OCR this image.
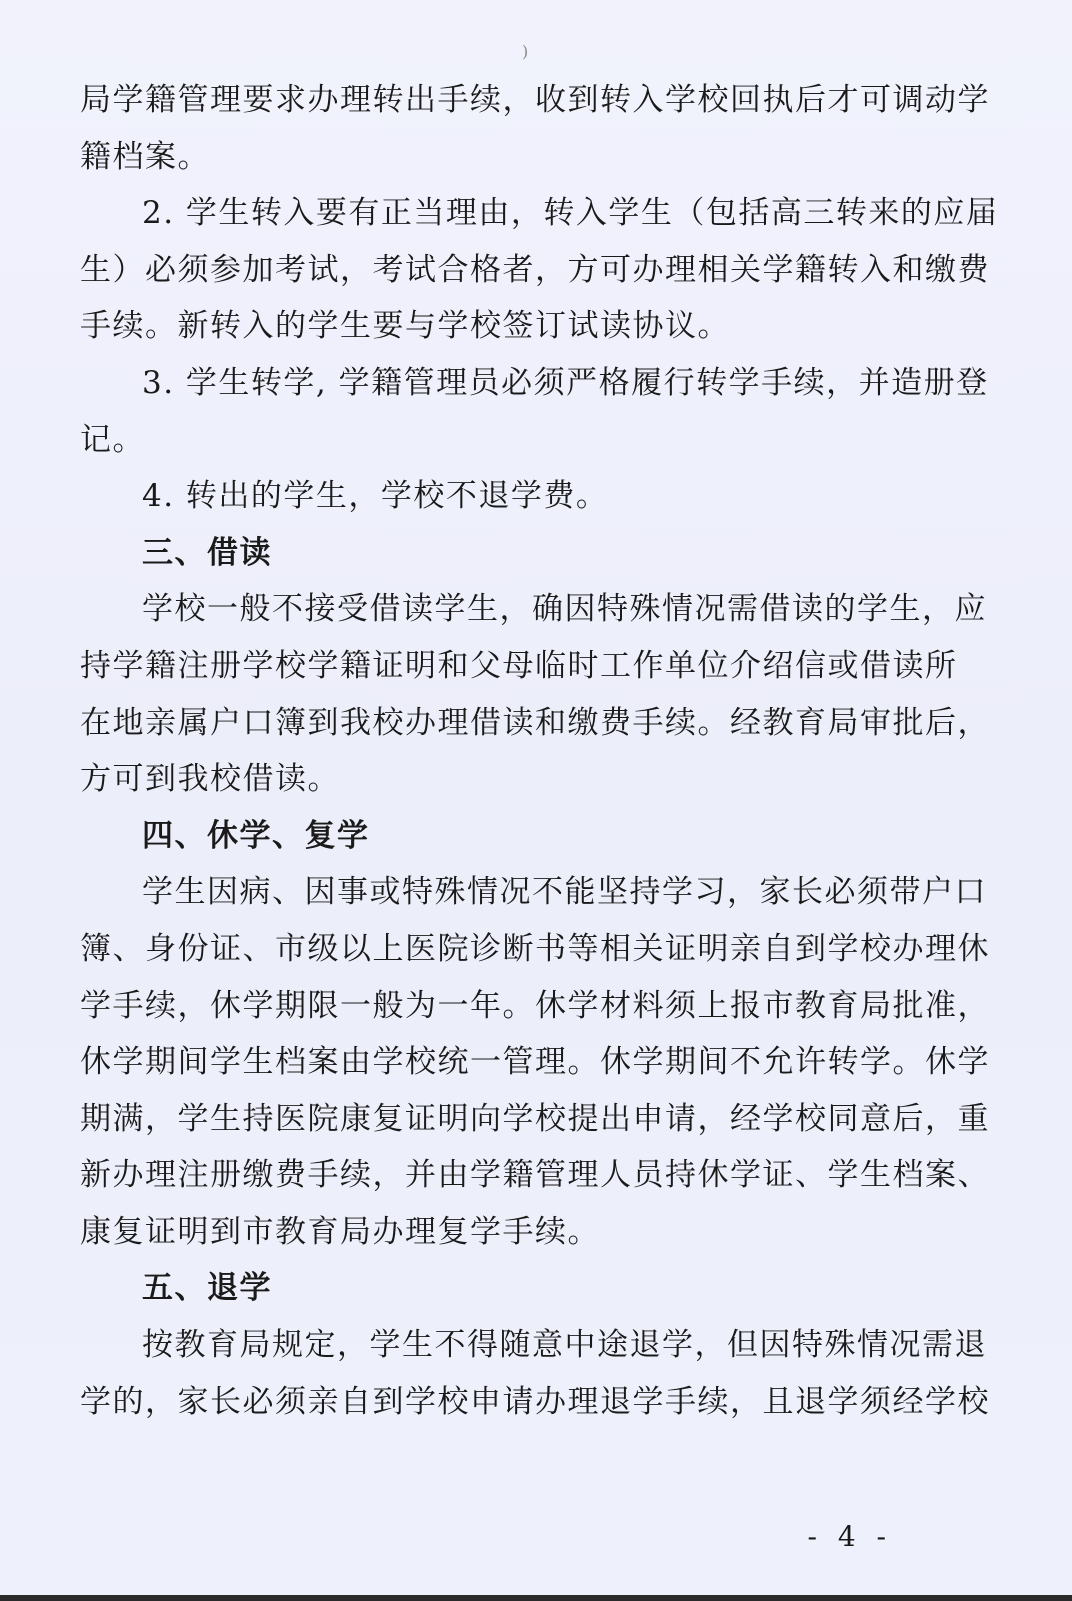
)
局学籍管理要求办理转出手续，收到转入学校回执后才可调动学
籍档案。
2. 学生转入要有正当理由，转入学生（包括高三转来的应届
生）必须参加考试，考试合格者，方可办理相关学籍转入和缴费
手续。新转入的学生要与学校签订试读协议。
3. 学生转学, 学籍管理员必须严格履行转学手续，并造册登
记。
4. 转出的学生，学校不退学费。
三、借读
学校一般不接受借读学生，确因特殊情况需借读的学生，应
持学籍注册学校学籍证明和父母临时工作单位介绍信或借读所
在地亲属户口簿到我校办理借读和缴费手续。经教育局审批后，
方可到我校借读。
四、休学、复学
学生因病、因事或特殊情况不能坚持学习，家长必须带户口
簿、身份证、市级以上医院诊断书等相关证明亲自到学校办理休
学手续，休学期限一般为一年。休学材料须上报市教育局批准，
休学期间学生档案由学校统一管理。休学期间不允许转学。休学
期满，学生持医院康复证明向学校提出申请，经学校同意后，重
新办理注册缴费手续，并由学籍管理人员持休学证、学生档案、
康复证明到市教育局办理复学手续。
五、退学
按教育局规定，学生不得随意中途退学，但因特殊情况需退
学的，家长必须亲自到学校申请办理退学手续，且退学须经学校
- 4 -
